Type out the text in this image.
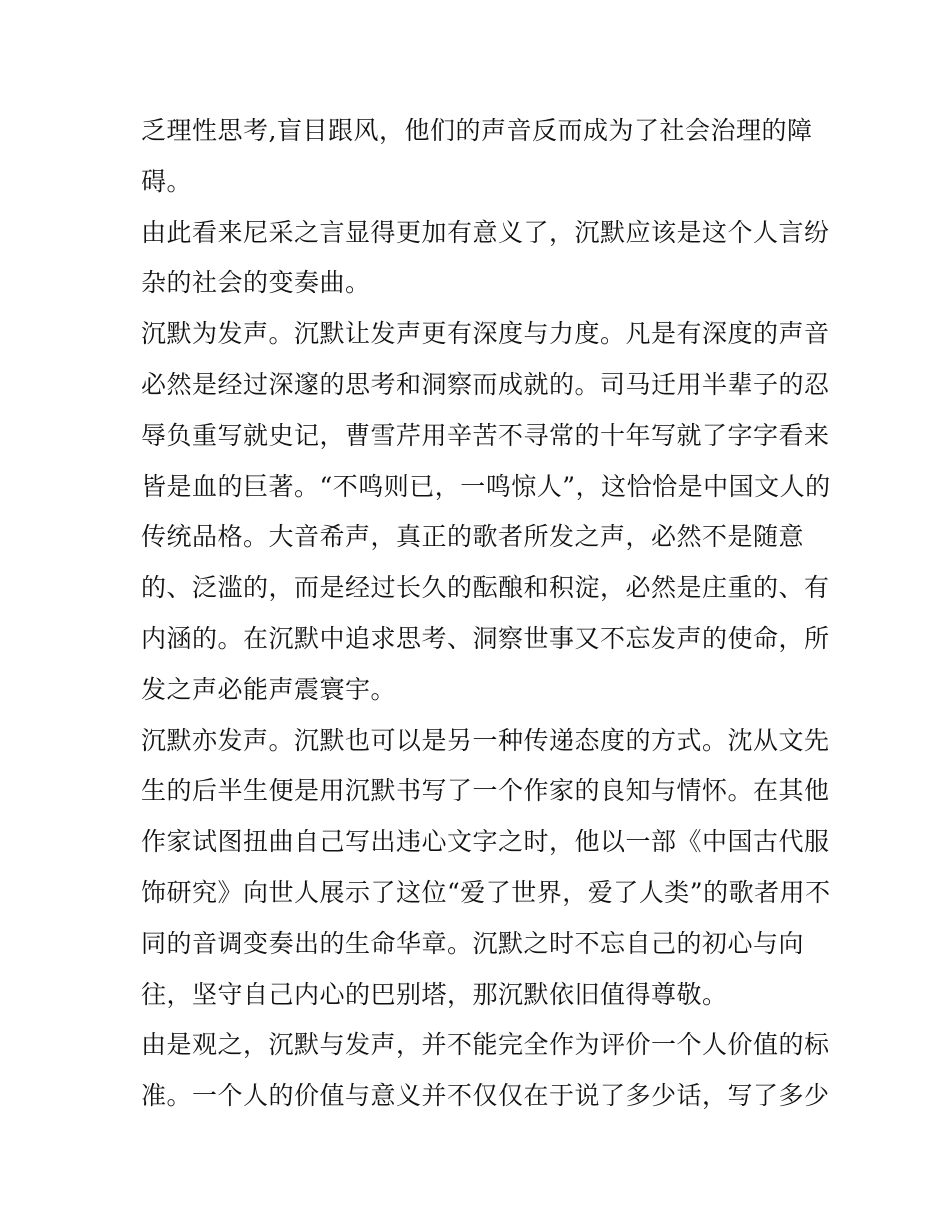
乏理性思考,盲目跟风，他们的声音反而成为了社会治理的障
碍。
由此看来尼采之言显得更加有意义了，沉默应该是这个人言纷
杂的社会的变奏曲。
沉默为发声。沉默让发声更有深度与力度。凡是有深度的声音
必然是经过深邃的思考和洞察而成就的。司马迁用半辈子的忍
辱负重写就史记，曹雪芹用辛苦不寻常的十年写就了字字看来
皆是血的巨著。“不鸣则已，一鸣惊人”，这恰恰是中国文人的
传统品格。大音希声，真正的歌者所发之声，必然不是随意
的、泛滥的，而是经过长久的酝酿和积淀，必然是庄重的、有
内涵的。在沉默中追求思考、洞察世事又不忘发声的使命，所
发之声必能声震寰宇。
沉默亦发声。沉默也可以是另一种传递态度的方式。沈从文先
生的后半生便是用沉默书写了一个作家的良知与情怀。在其他
作家试图扭曲自己写出违心文字之时，他以一部《中国古代服
饰研究》向世人展示了这位“爱了世界，爱了人类”的歌者用不
同的音调变奏出的生命华章。沉默之时不忘自己的初心与向
往，坚守自己内心的巴别塔，那沉默依旧值得尊敬。
由是观之，沉默与发声，并不能完全作为评价一个人价值的标
准。一个人的价值与意义并不仅仅在于说了多少话，写了多少
